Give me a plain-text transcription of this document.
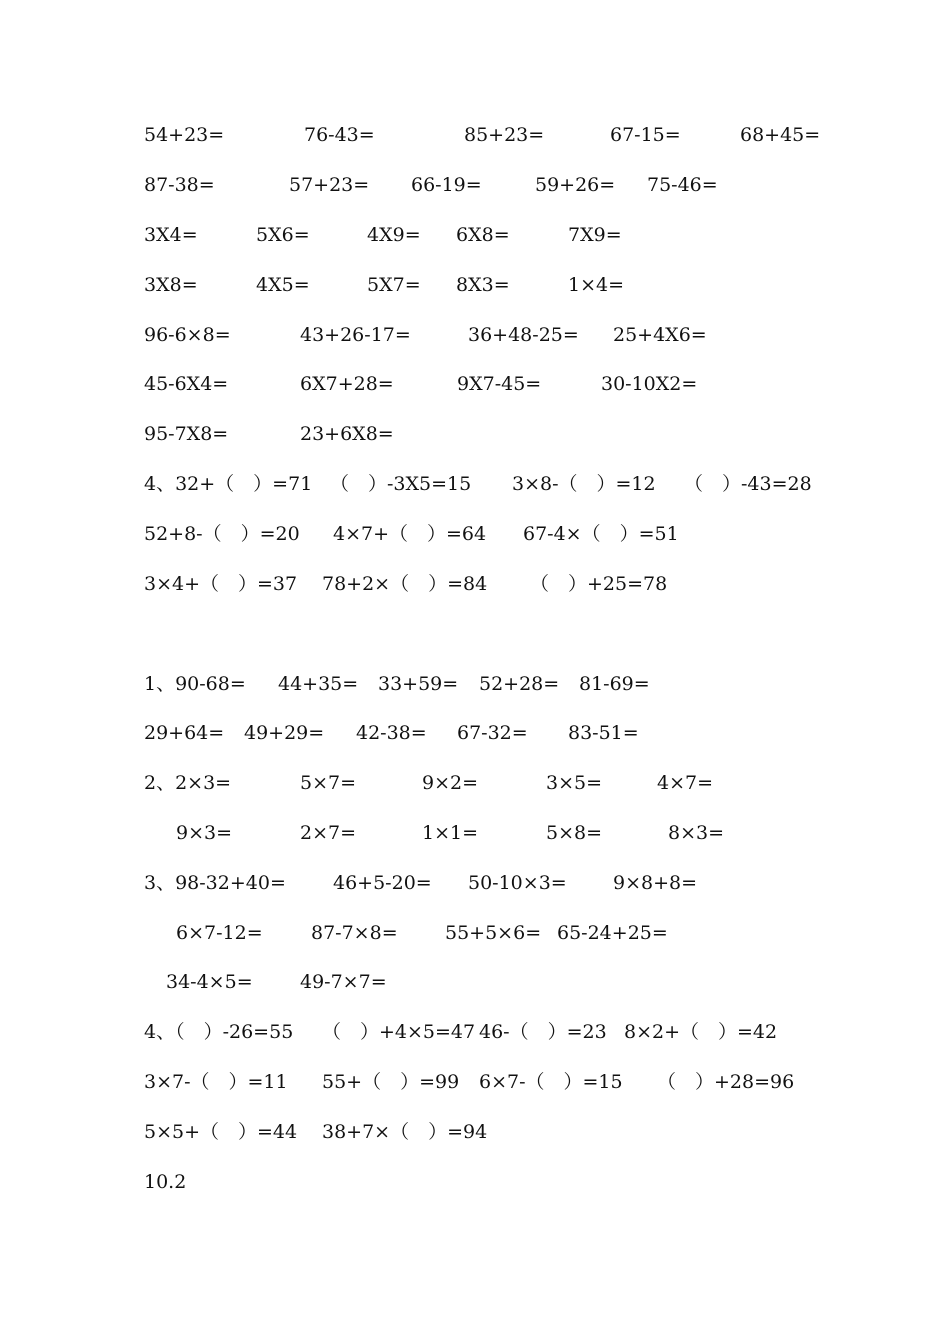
54+23=	76-43=	85+23=	67-15=	68+45=
87-38=	57+23= 66-19=	59+26= 75-46=
3X4=	5X6=	4X9= 6X8=	7X9=
3X8=	4X5=	5X7= 8X3=	1×4=
96-6×8=	43+26-17=	36+48-25= 25+4X6=
45-6X4=	6X7+28=	9X7-45=	30-10X2=
95-7X8=	23+6X8=
4、32+（　）=71 （　）-3X5=15 3×8-（　）=12 （　）-43=28
52+8-（　）=20 4×7+（　）=64 67-4×（　）=51
3×4+（　）=37 78+2×（　）=84 （　）+25=78
1、90-68= 44+35= 33+59= 52+28= 81-69=
29+64= 49+29= 42-38= 67-32= 83-51=
2、2×3=	5×7=	9×2=	3×5=	4×7=
9×3=	2×7=	1×1=	5×8=	8×3=
3、98-32+40= 46+5-20= 50-10×3= 9×8+8=
6×7-12=	87-7×8= 55+5×6= 65-24+25=
34-4×5= 49-7×7=
4、（　）-26=55 （　）+4×5=47 46-（　）=23 8×2+（　）=42
3×7-（　）=11 55+（　）=99 6×7-（　）=15 （　）+28=96
5×5+（　）=44 38+7×（　）=94
10.2
